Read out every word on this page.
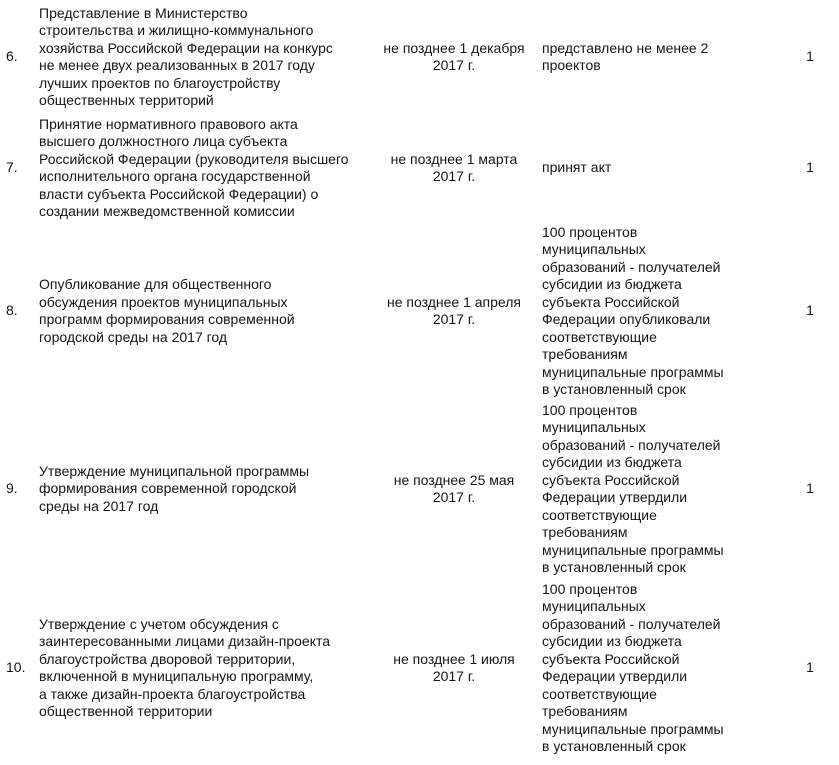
6.
Представление в Министерство
строительства и жилищно-коммунального
хозяйства Российской Федерации на конкурс
не менее двух реализованных в 2017 году
лучших проектов по благоустройству
общественных территорий
не позднее 1 декабря
2017 г.
представлено не менее 2
проектов
1
7.
Принятие нормативного правового акта
высшего должностного лица субъекта
Российской Федерации (руководителя высшего
исполнительного органа государственной
власти субъекта Российской Федерации) о
создании межведомственной комиссии
не позднее 1 марта
2017 г.
принят акт	1
8.
Опубликование для общественного
обсуждения проектов муниципальных
программ формирования современной
городской среды на 2017 год
не позднее 1 апреля
2017 г.
100 процентов
муниципальных
образований - получателей
субсидии из бюджета
субъекта Российской
Федерации опубликовали
соответствующие
требованиям
муниципальные программы
в установленный срок
1
9.
Утверждение муниципальной программы
формирования современной городской
среды на 2017 год
не позднее 25 мая
2017 г.
100 процентов
муниципальных
образований - получателей
субсидии из бюджета
субъекта Российской
Федерации утвердили
соответствующие
требованиям
муниципальные программы
в установленный срок
1
10.
Утверждение с учетом обсуждения с
заинтересованными лицами дизайн-проекта
благоустройства дворовой территории,
включенной в муниципальную программу,
а также дизайн-проекта благоустройства
общественной территории
не позднее 1 июля
2017 г.
100 процентов
муниципальных
образований - получателей
субсидии из бюджета
субъекта Российской
Федерации утвердили
соответствующие
требованиям
муниципальные программы
в установленный срок
1
